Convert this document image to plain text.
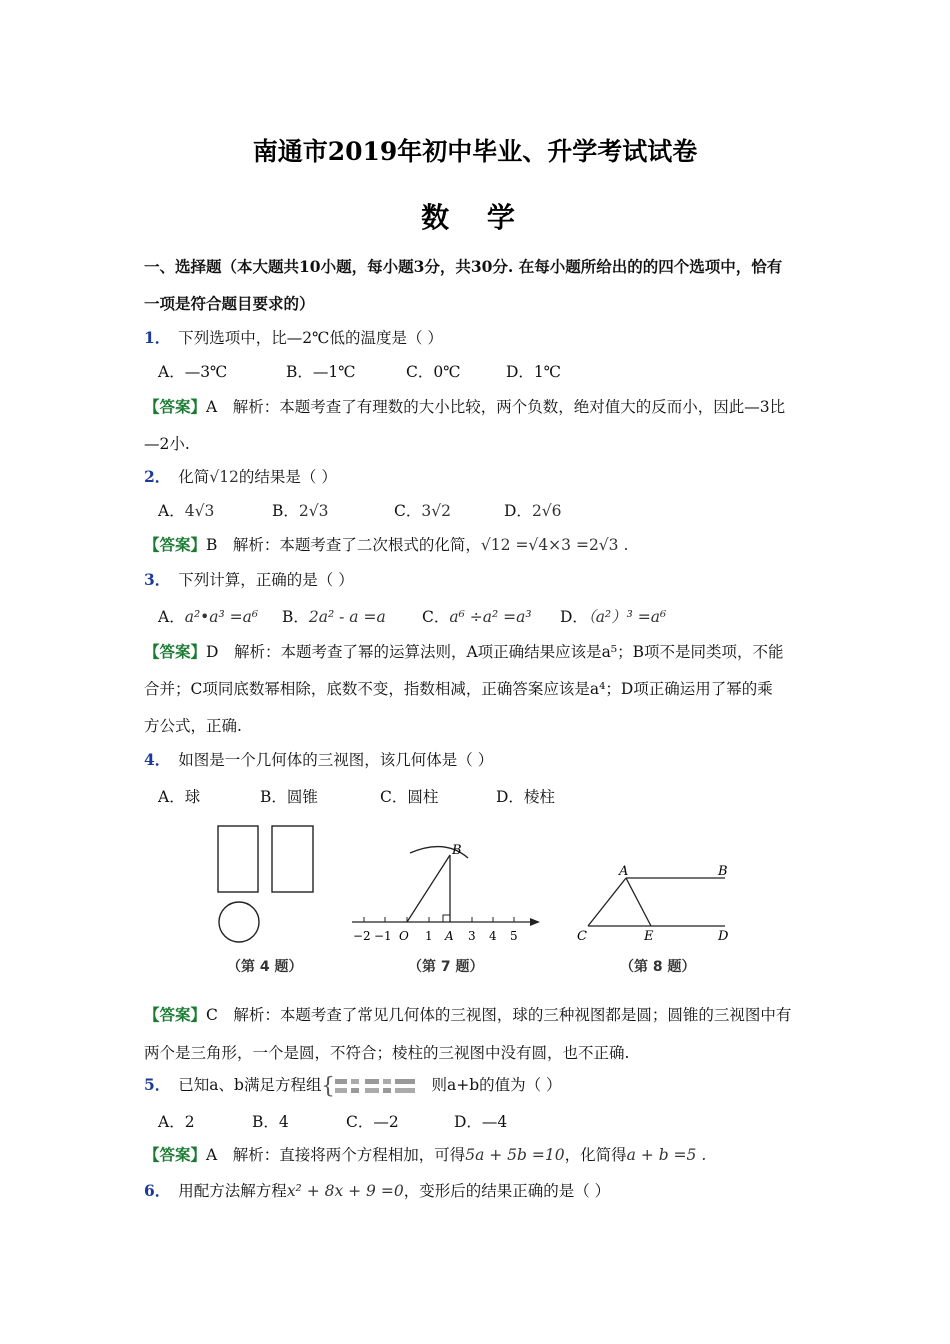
南通市2019年初中毕业、升学考试试卷
数 学
一、选择题（本大题共10小题，每小题3分，共30分. 在每小题所给出的的四个选项中，恰有
一项是符合题目要求的）
1． 下列选项中，比—2℃低的温度是（ ）
A．—3℃	B．—1℃	C．0℃	D．1℃
【答案】A　解析：本题考查了有理数的大小比较，两个负数，绝对值大的反而小，因此—3比
—2小.
2． 化简√12的结果是（ ）
A．4√3	B．2√3	C．3√2	D．2√6
【答案】B　解析：本题考查了二次根式的化简，√12 =√4×3 =2√3 .
3． 下列计算，正确的是（ ）
A．a²•a³ =a⁶ B．2a² - a =a C．a⁶ ÷a² =a³ D．（a²）³ =a⁶
【答案】D　解析：本题考查了幂的运算法则，A项正确结果应该是a⁵；B项不是同类项，不能
合并；C项同底数幂相除，底数不变，指数相减，正确答案应该是a⁴；D项正确运用了幂的乘
方公式，正确.
4． 如图是一个几何体的三视图，该几何体是（ ）
A．球	B．圆锥	C．圆柱	D．棱柱
（第 4 题）
B
−2 −1 O 1 A 3 4 5
（第 7 题）
A	B
C	E	D
（第 8 题）
【答案】C　解析：本题考查了常见几何体的三视图，球的三种视图都是圆；圆锥的三视图中有
两个是三角形，一个是圆，不符合；棱柱的三视图中没有圆，也不正确.
5． 已知a、b满足方程组 {	则a+b的值为（ ）
A．2	B．4	C．—2	D．—4
【答案】A　解析：直接将两个方程相加，可得5a + 5b =10，化简得a + b =5 .
6． 用配方法解方程x² + 8x + 9 =0，变形后的结果正确的是（ ）
